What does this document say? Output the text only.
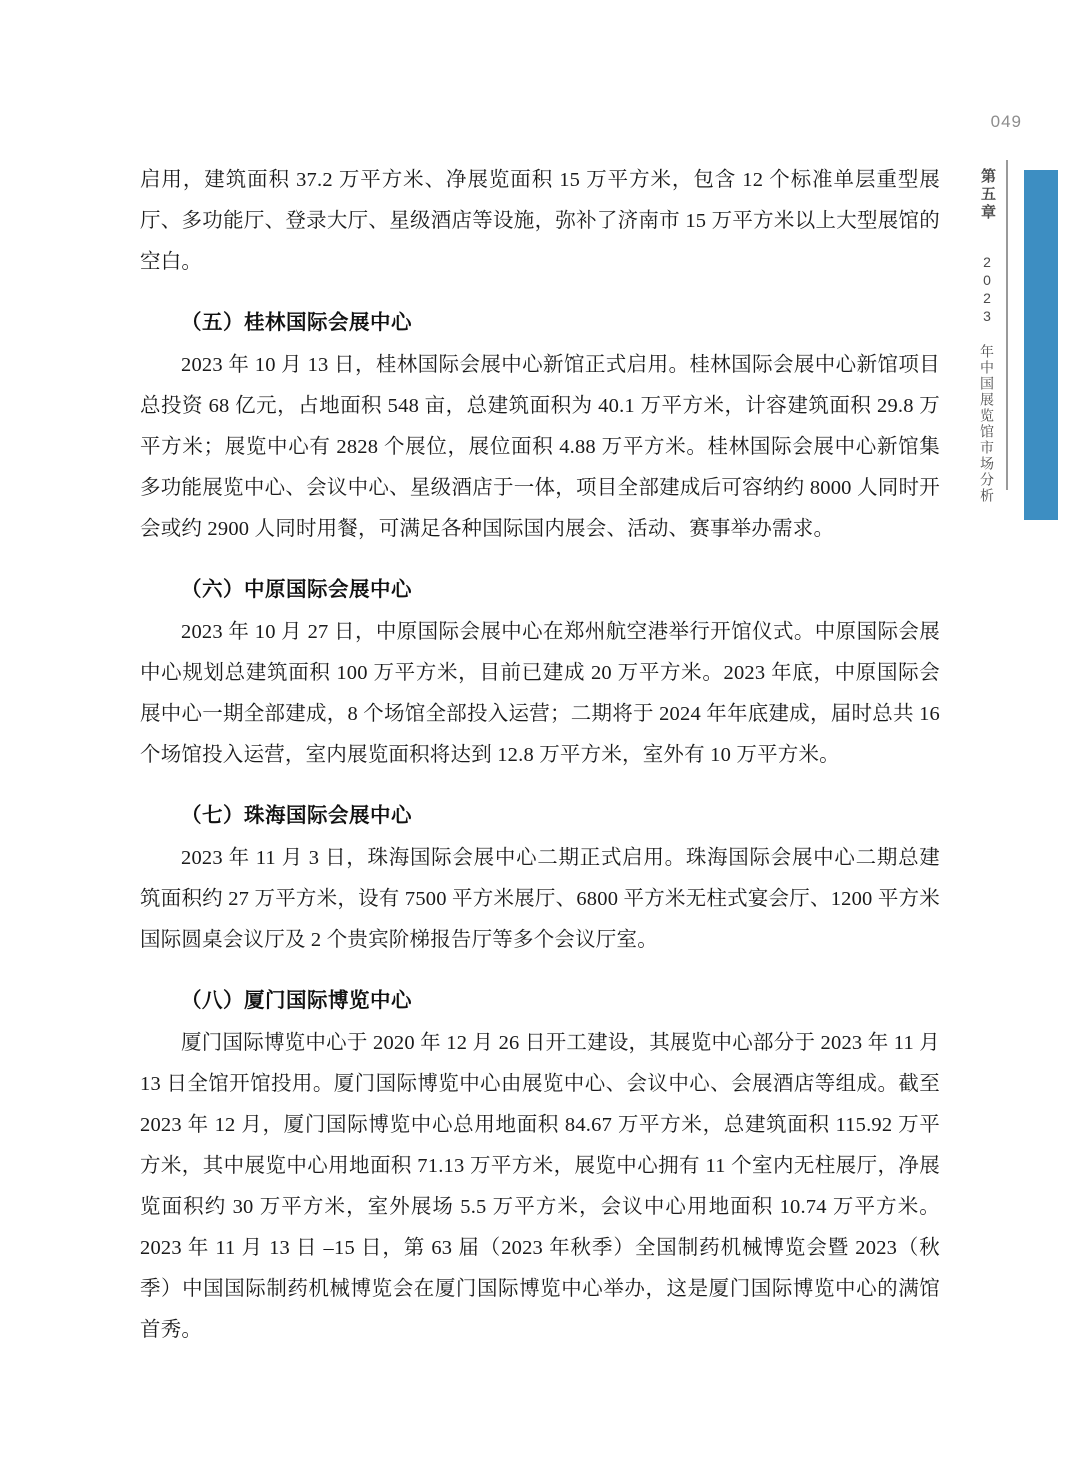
049
第五章 2023 年中国展览馆市场分析

启用，建筑面积 37.2 万平方米、净展览面积 15 万平方米，包含 12 个标准单层重型展厅、多功能厅、登录大厅、星级酒店等设施，弥补了济南市 15 万平方米以上大型展馆的空白。

（五）桂林国际会展中心

2023 年 10 月 13 日，桂林国际会展中心新馆正式启用。桂林国际会展中心新馆项目总投资 68 亿元，占地面积 548 亩，总建筑面积为 40.1 万平方米，计容建筑面积 29.8 万平方米；展览中心有 2828 个展位，展位面积 4.88 万平方米。桂林国际会展中心新馆集多功能展览中心、会议中心、星级酒店于一体，项目全部建成后可容纳约 8000 人同时开会或约 2900 人同时用餐，可满足各种国际国内展会、活动、赛事举办需求。

（六）中原国际会展中心

2023 年 10 月 27 日，中原国际会展中心在郑州航空港举行开馆仪式。中原国际会展中心规划总建筑面积 100 万平方米，目前已建成 20 万平方米。2023 年底，中原国际会展中心一期全部建成，8 个场馆全部投入运营；二期将于 2024 年年底建成，届时总共 16 个场馆投入运营，室内展览面积将达到 12.8 万平方米，室外有 10 万平方米。

（七）珠海国际会展中心

2023 年 11 月 3 日，珠海国际会展中心二期正式启用。珠海国际会展中心二期总建筑面积约 27 万平方米，设有 7500 平方米展厅、6800 平方米无柱式宴会厅、1200 平方米国际圆桌会议厅及 2 个贵宾阶梯报告厅等多个会议厅室。

（八）厦门国际博览中心

厦门国际博览中心于 2020 年 12 月 26 日开工建设，其展览中心部分于 2023 年 11 月 13 日全馆开馆投用。厦门国际博览中心由展览中心、会议中心、会展酒店等组成。截至 2023 年 12 月，厦门国际博览中心总用地面积 84.67 万平方米，总建筑面积 115.92 万平方米，其中展览中心用地面积 71.13 万平方米，展览中心拥有 11 个室内无柱展厅，净展览面积约 30 万平方米，室外展场 5.5 万平方米，会议中心用地面积 10.74 万平方米。2023 年 11 月 13 日 –15 日，第 63 届（2023 年秋季）全国制药机械博览会暨 2023（秋季）中国国际制药机械博览会在厦门国际博览中心举办，这是厦门国际博览中心的满馆首秀。
